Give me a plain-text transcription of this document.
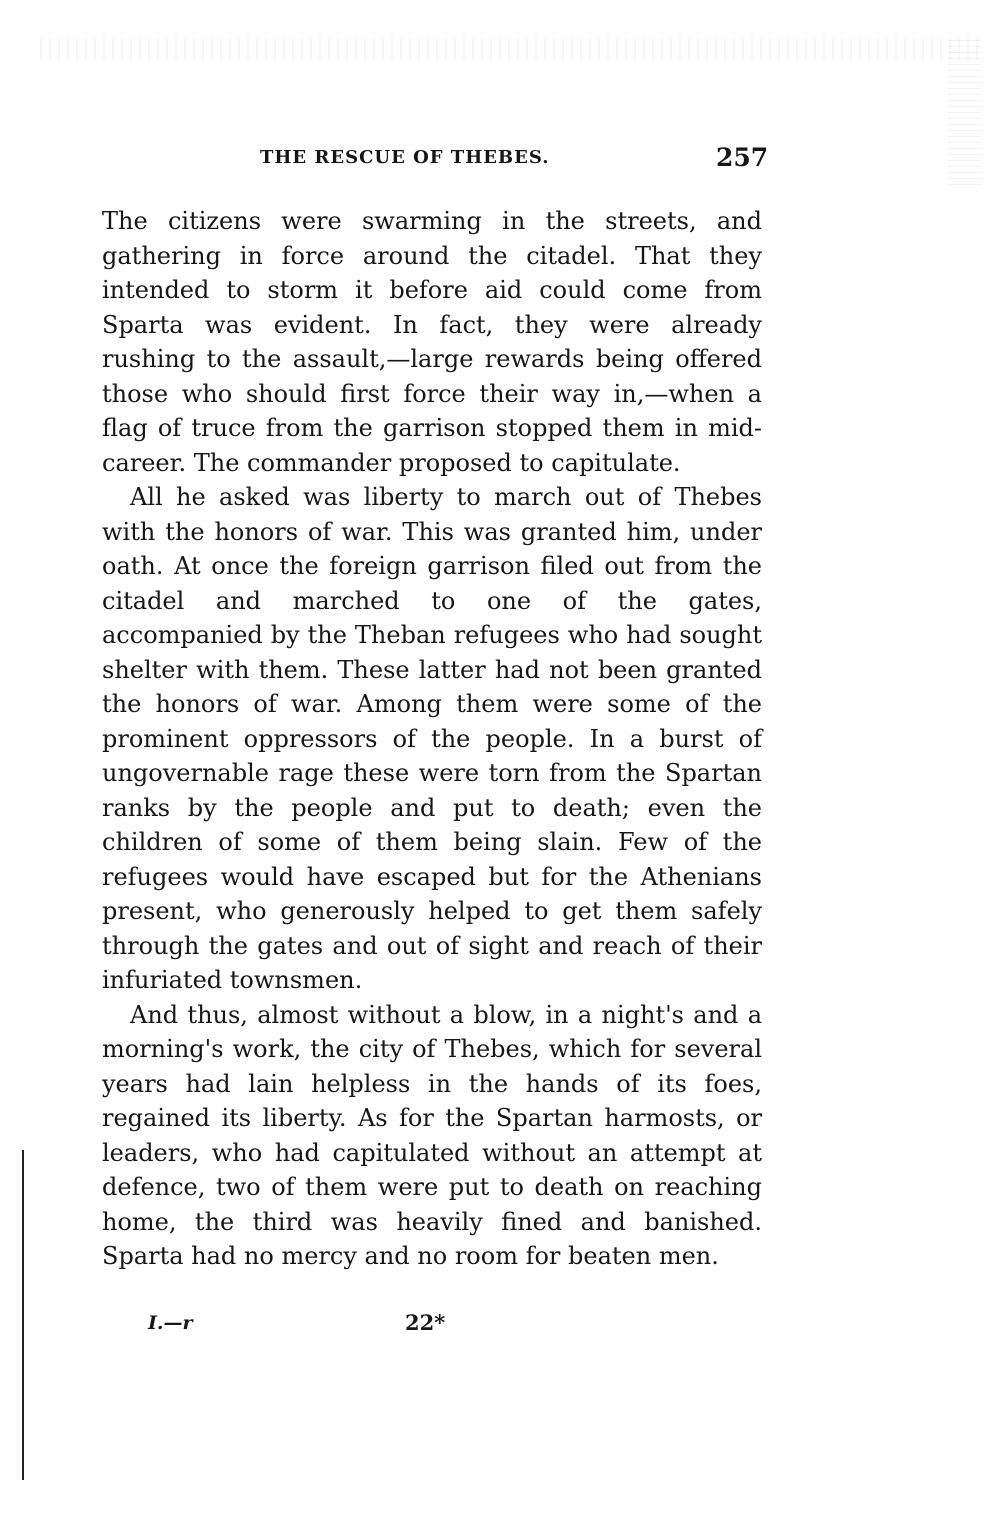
THE RESCUE OF THEBES.	257

The citizens were swarming in the streets, and gathering in force around the citadel. That they intended to storm it before aid could come from Sparta was evident. In fact, they were already rushing to the assault,—large rewards being offered those who should first force their way in,—when a flag of truce from the garrison stopped them in mid-career. The commander proposed to capitulate.

All he asked was liberty to march out of Thebes with the honors of war. This was granted him, under oath. At once the foreign garrison filed out from the citadel and marched to one of the gates, accompanied by the Theban refugees who had sought shelter with them. These latter had not been granted the honors of war. Among them were some of the prominent oppressors of the people. In a burst of ungovernable rage these were torn from the Spartan ranks by the people and put to death; even the children of some of them being slain. Few of the refugees would have escaped but for the Athenians present, who generously helped to get them safely through the gates and out of sight and reach of their infuriated townsmen.

And thus, almost without a blow, in a night's and a morning's work, the city of Thebes, which for several years had lain helpless in the hands of its foes, regained its liberty. As for the Spartan harmosts, or leaders, who had capitulated without an attempt at defence, two of them were put to death on reaching home, the third was heavily fined and banished. Sparta had no mercy and no room for beaten men.

I.—r	22*
